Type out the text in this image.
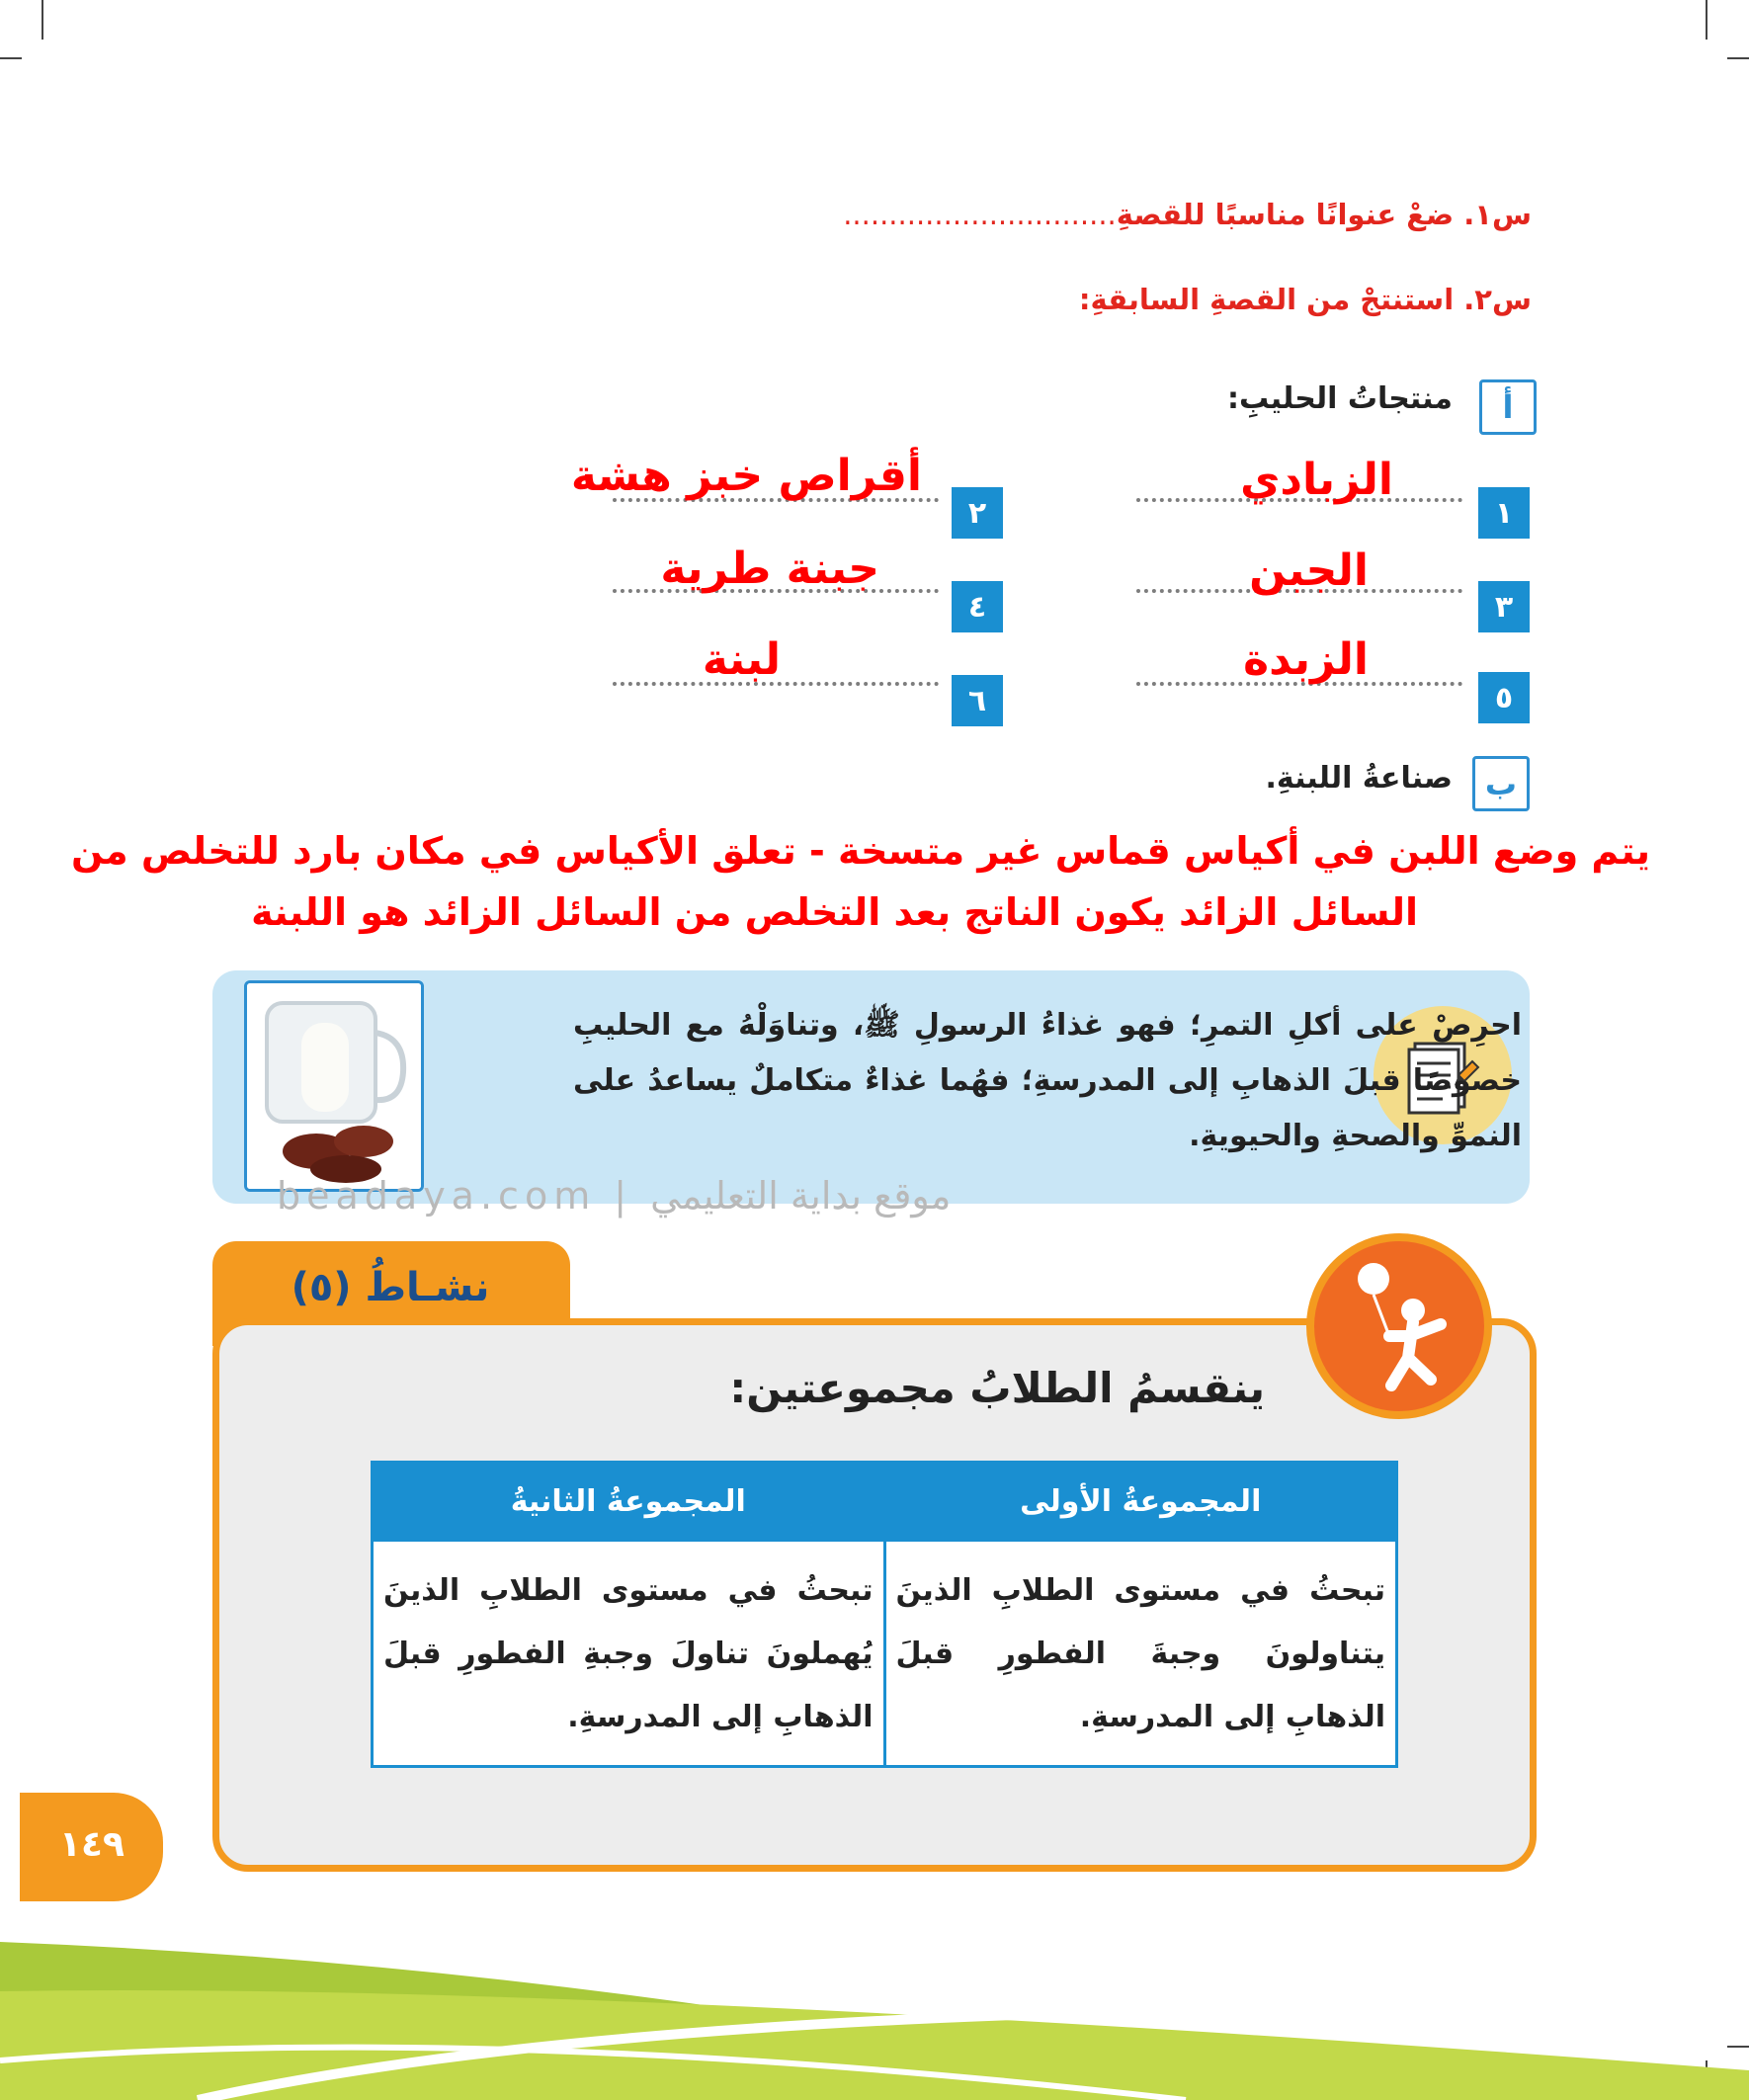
س١. ضعْ عنوانًا مناسبًا للقصةِ..............................
س٢. استنتجْ من القصةِ السابقةِ:
أ
منتجاتُ الحليبِ:
١
الزبادي
٣
الجبن
٥
الزبدة
٢
أقراص خبز هشة
٤
جبنة طرية
٦
لبنة
ب
صناعةُ اللبنةِ.
يتم وضع اللبن في أكياس قماس غير متسخة - تعلق الأكياس في مكان بارد للتخلص من
السائل الزائد يكون الناتج بعد التخلص من السائل الزائد هو اللبنة
احرِصْ على أكلِ التمرِ؛ فهو غذاءُ الرسولِ ﷺ، وتناوَلْهُ مع الحليبِ خصوصًا قبلَ الذهابِ إلى المدرسةِ؛ فهُما غذاءٌ متكاملٌ يساعدُ على النموِّ والصحةِ والحيويةِ.
beadaya.com | موقع بداية التعليمي
نشـاطُ (٥)
ينقسمُ الطلابُ مجموعتين:
المجموعةُ الأولى	المجموعةُ الثانيةُ
تبحثُ في مستوى الطلابِ الذينَ يتناولونَ وجبةَ الفطورِ قبلَ الذهابِ إلى المدرسةِ.	تبحثُ في مستوى الطلابِ الذينَ يُهملونَ تناولَ وجبةِ الفطورِ قبلَ الذهابِ إلى المدرسةِ.
١٤٩
